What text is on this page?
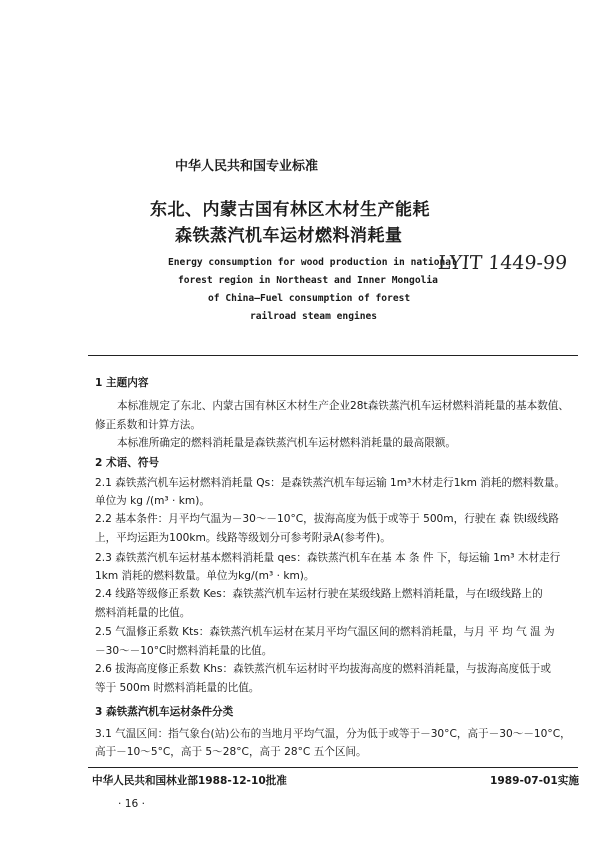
中华人民共和国专业标准
东北、内蒙古国有林区木材生产能耗
森铁蒸汽机车运材燃料消耗量
Energy consumption for wood production in national
forest region in Northeast and Inner Mongolia
of China—Fuel consumption of forest
railroad steam engines
LYIT 1449-99
1 主题内容
本标准规定了东北、内蒙古国有林区木材生产企业28t森铁蒸汽机车运材燃料消耗量的基本数值、
修正系数和计算方法。
本标准所确定的燃料消耗量是森铁蒸汽机车运材燃料消耗量的最高限额。
2 术语、符号
2.1 森铁蒸汽机车运材燃料消耗量 Qs：是森铁蒸汽机车每运输 1m³木材走行1km 消耗的燃料数量。
单位为 kg /(m³ · km)。
2.2 基本条件：月平均气温为－30～－10°C，拔海高度为低于或等于 500m，行驶在 森 铁Ⅰ级线路
上，平均运距为100km。线路等级划分可参考附录A(参考件)。
2.3 森铁蒸汽机车运材基本燃料消耗量 qes：森铁蒸汽机车在基 本 条 件 下，每运输 1m³ 木材走行
1km 消耗的燃料数量。单位为kg/(m³ · km)。
2.4 线路等级修正系数 Kes：森铁蒸汽机车运材行驶在某级线路上燃料消耗量，与在Ⅰ级线路上的
燃料消耗量的比值。
2.5 气温修正系数 Kts：森铁蒸汽机车运材在某月平均气温区间的燃料消耗量，与月 平 均 气 温 为
－30～－10°C时燃料消耗量的比值。
2.6 拔海高度修正系数 Khs：森铁蒸汽机车运材时平均拔海高度的燃料消耗量，与拔海高度低于或
等于 500m 时燃料消耗量的比值。
3 森铁蒸汽机车运材条件分类
3.1 气温区间：指气象台(站)公布的当地月平均气温，分为低于或等于－30°C，高于－30～－10°C，
高于－10～5°C，高于 5～28°C，高于 28°C 五个区间。
中华人民共和国林业部1988-12-10批准	1989-07-01实施
· 16 ·
